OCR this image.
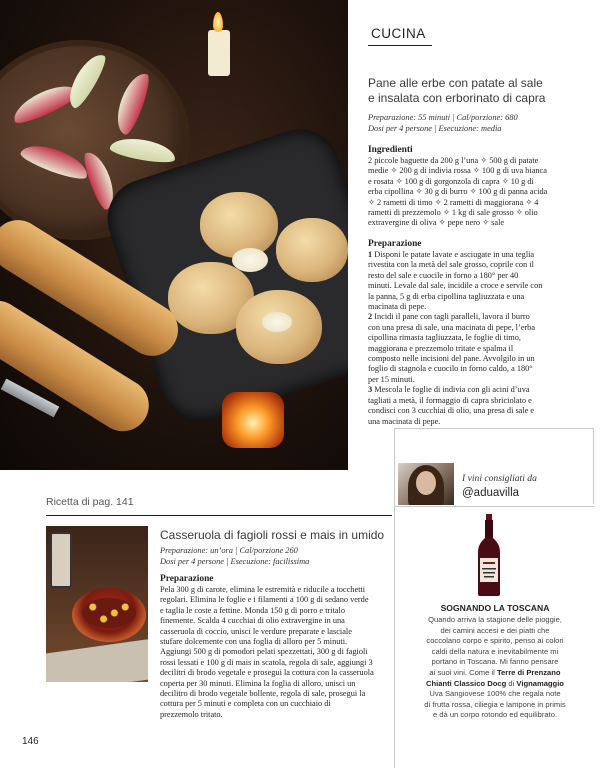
CUCINA
Pane alle erbe con patate al sale
e insalata con erborinato di capra
Preparazione: 55 minuti | Cal/porzione: 680
Dosi per 4 persone | Esecuzione: media
Ingredienti
2 piccole baguette da 200 g l’una ✧ 500 g di patate
medie ✧ 200 g di indivia rossa ✧ 100 g di uva bianca
e rosata ✧ 100 g di gorgonzola di capra ✧ 10 g di
erba cipollina ✧ 30 g di burro ✧ 100 g di panna acida
✧ 2 rametti di timo ✧ 2 rametti di maggiorana ✧ 4
rametti di prezzemolo ✧ 1 kg di sale grosso ✧ olio
extravergine di oliva ✧ pepe nero ✧ sale
Preparazione
1 Disponi le patate lavate e asciugate in una teglia
rivestita con la metà del sale grosso, coprile con il
resto del sale e cuocile in forno a 180° per 40
minuti. Levale dal sale, incidile a croce e servile con
la panna, 5 g di erba cipollina tagliuzzata e una
macinata di pepe.
2 Incidi il pane con tagli paralleli, lavora il burro
con una presa di sale, una macinata di pepe, l’erba
cipollina rimasta tagliuzzata, le foglie di timo,
maggiorana e prezzemolo tritate e spalma il
composto nelle incisioni del pane. Avvolgilo in un
foglio di stagnola e cuocilo in forno caldo, a 180°
per 15 minuti.
3 Mescola le foglie di indivia con gli acini d’uva
tagliati a metà, il formaggio di capra sbriciolato e
condisci con 3 cucchiai di olio, una presa di sale e
una macinata di pepe.
Ricetta di pag. 141
Casseruola di fagioli rossi e mais in umido
Preparazione: un’ora | Cal/porzione 260
Dosi per 4 persone | Esecuzione: facilissima
Preparazione
Pela 300 g di carote, elimina le estremità e riducile a tocchetti
regolari. Elimina le foglie e i filamenti a 100 g di sedano verde
e taglia le coste a fettine. Monda 150 g di porro e tritalo
finemente. Scalda 4 cucchiai di olio extravergine in una
casseruola di coccio, unisci le verdure preparate e lasciale
stufare dolcemente con una foglia di alloro per 5 minuti.
Aggiungi 500 g di pomodori pelati spezzettati, 300 g di fagioli
rossi lessati e 100 g di mais in scatola, regola di sale, aggiungi 3
decilitri di brodo vegetale e prosegui la cottura con la casseruola
coperta per 30 minuti. Elimina la foglia di alloro, unisci un
decilitro di brodo vegetale bollente, regola di sale, prosegui la
cottura per 5 minuti e completa con un cucchiaio di
prezzemolo tritato.
I vini consigliati da
@aduavilla
SOGNANDO LA TOSCANA
Quando arriva la stagione delle pioggie,
dei camini accesi e dei piatti che
coccolano corpo e spirito, penso ai colori
caldi della natura e inevitabilmente mi
portano in Toscana. Mi fanno pensare
ai suoi vini. Come il Terre di Prenzano
Chianti Classico Docg di Vignamaggio
Uva Sangiovese 100% che regala note
di frutta rossa, ciliegia e lampone in primis
e dà un corpo rotondo ed equilibrato.
146
